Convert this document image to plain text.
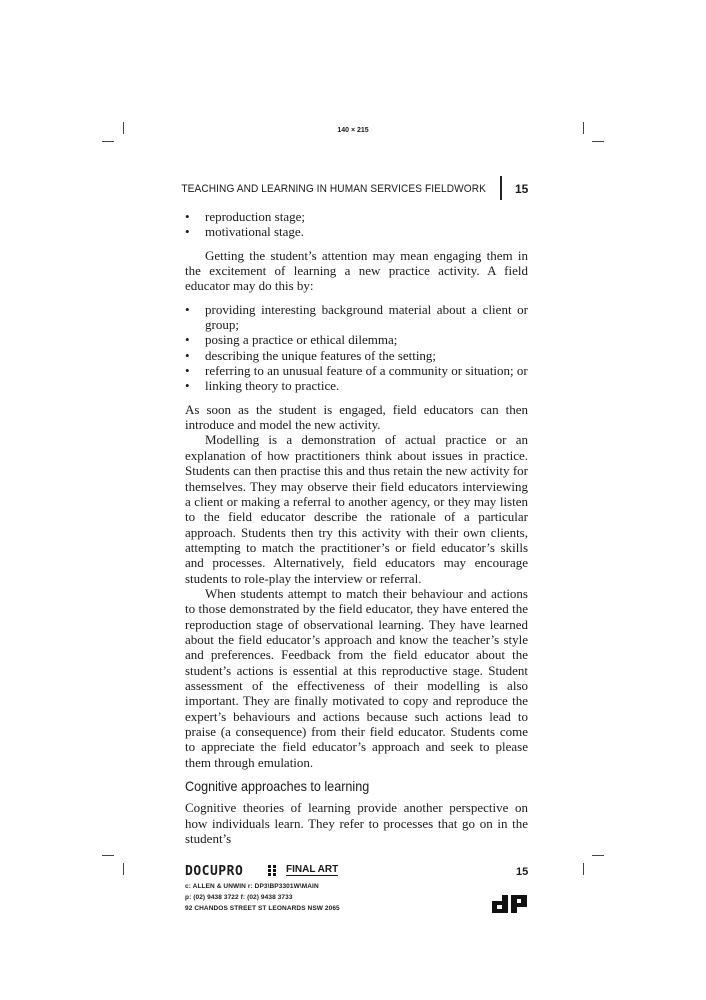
140 × 215
TEACHING AND LEARNING IN HUMAN SERVICES FIELDWORK 15
• reproduction stage;
• motivational stage.

Getting the student’s attention may mean engaging them in the excitement of learning a new practice activity. A field educator may do this by:

• providing interesting background material about a client or group;
• posing a practice or ethical dilemma;
• describing the unique features of the setting;
• referring to an unusual feature of a community or situation; or
• linking theory to practice.

As soon as the student is engaged, field educators can then introduce and model the new activity.

Modelling is a demonstration of actual practice or an explanation of how practitioners think about issues in practice. Students can then practise this and thus retain the new activity for themselves. They may observe their field educators interviewing a client or making a referral to another agency, or they may listen to the field educator describe the rationale of a particular approach. Students then try this activity with their own clients, attempting to match the practitioner’s or field educator’s skills and processes. Alternatively, field educators may encourage students to role-play the interview or referral.

When students attempt to match their behaviour and actions to those demonstrated by the field educator, they have entered the reproduction stage of observational learning. They have learned about the field educator’s approach and know the teacher’s style and preferences. Feedback from the field educator about the student’s actions is essential at this reproductive stage. Student assessment of the effectiveness of their modelling is also important. They are finally motivated to copy and reproduce the expert’s behaviours and actions because such actions lead to praise (a consequence) from their field educator. Students come to appreciate the field educator’s approach and seek to please them through emulation.

Cognitive approaches to learning

Cognitive theories of learning provide another perspective on how individuals learn. They refer to processes that go on in the student’s

DOCUPRO	FINAL ART
c: ALLEN & UNWIN r: DP3\BP3301W\MAIN
p: (02) 9438 3722 f: (02) 9438 3733
92 CHANDOS STREET ST LEONARDS NSW 2065
15
